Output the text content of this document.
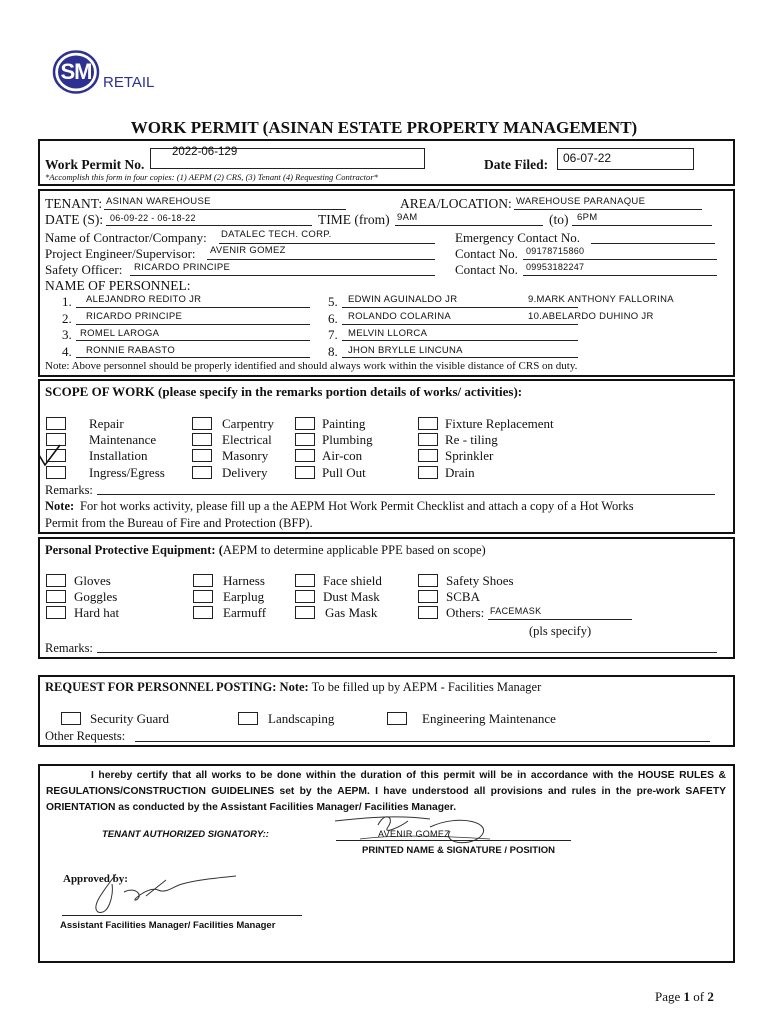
SM RETAIL
WORK PERMIT (ASINAN ESTATE PROPERTY MANAGEMENT)
Work Permit No.
2022-06-129
*Accomplish this form in four copies: (1) AEPM (2) CRS, (3) Tenant (4) Requesting Contractor*
Date Filed: 06-07-22
TENANT: ASINAN WAREHOUSE	AREA/LOCATION: WAREHOUSE PARANAQUE
DATE (S): 06-09-22 - 06-18-22	TIME (from) 9AM	(to) 6PM
Name of Contractor/Company: DATALEC TECH. CORP.	Emergency Contact No.
Project Engineer/Supervisor: AVENIR GOMEZ	Contact No. 09178715860
Safety Officer: RICARDO PRINCIPE	Contact No. 09953182247
NAME OF PERSONNEL:
1. ALEJANDRO REDITO JR
2. RICARDO PRINCIPE
3. ROMEL LAROGA
4. RONNIE RABASTO
5. EDWIN AGUINALDO JR
6. ROLANDO COLARINA
7. MELVIN LLORCA
8. JHON BRYLLE LINCUNA
9.MARK ANTHONY FALLORINA
10.ABELARDO DUHINO JR
Note: Above personnel should be properly identified and should always work within the visible distance of CRS on duty.
SCOPE OF WORK (please specify in the remarks portion details of works/ activities):
Repair
Maintenance
Installation
Ingress/Egress
Carpentry
Electrical
Masonry
Delivery
Painting
Plumbing
Air-con
Pull Out
Fixture Replacement
Re - tiling
Sprinkler
Drain
Remarks:
Note: For hot works activity, please fill up a the AEPM Hot Work Permit Checklist and attach a copy of a Hot Works
Permit from the Bureau of Fire and Protection (BFP).
Personal Protective Equipment: (AEPM to determine applicable PPE based on scope)
Gloves
Goggles
Hard hat
Harness
Earplug
Earmuff
Face shield
Dust Mask
Gas Mask
Safety Shoes
SCBA
Others: FACEMASK
(pls specify)
Remarks:
REQUEST FOR PERSONNEL POSTING: Note: To be filled up by AEPM - Facilities Manager
Security Guard	Landscaping	Engineering Maintenance
Other Requests:
I hereby certify that all works to be done within the duration of this permit will be in accordance with the HOUSE RULES & REGULATIONS/CONSTRUCTION GUIDELINES set by the AEPM. I have understood all provisions and rules in the pre-work SAFETY ORIENTATION as conducted by the Assistant Facilities Manager/ Facilities Manager.
TENANT AUTHORIZED SIGNATORY::	AVENIR GOMEZ
PRINTED NAME & SIGNATURE / POSITION
Approved by:
Assistant Facilities Manager/ Facilities Manager
Page 1 of 2
